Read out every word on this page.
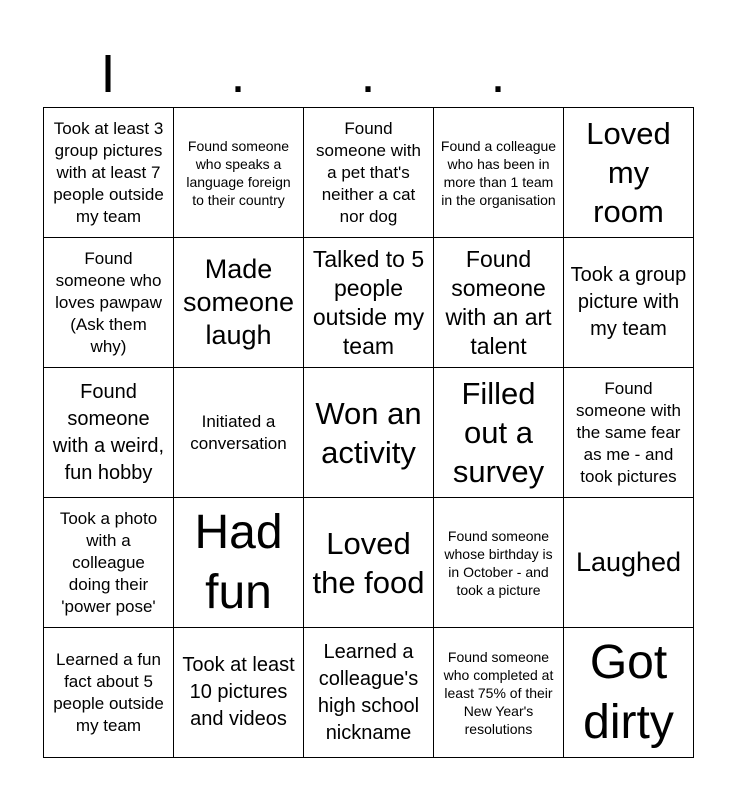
I	.	.	.
Took at least 3 group pictures with at least 7 people outside my team	Found someone who speaks a language foreign to their country	Found someone with a pet that's neither a cat nor dog	Found a colleague who has been in more than 1 team in the organisation	Loved my room

Found someone who loves pawpaw (Ask them why)	Made someone laugh	Talked to 5 people outside my team	Found someone with an art talent	Took a group picture with my team

Found someone with a weird, fun hobby	Initiated a conversation	Won an activity	Filled out a survey	Found someone with the same fear as me - and took pictures

Took a photo with a colleague doing their 'power pose'	Had fun	Loved the food	Found someone whose birthday is in October - and took a picture	Laughed

Learned a fun fact about 5 people outside my team	Took at least 10 pictures and videos	Learned a colleague's high school nickname	Found someone who completed at least 75% of their New Year's resolutions	Got dirty
